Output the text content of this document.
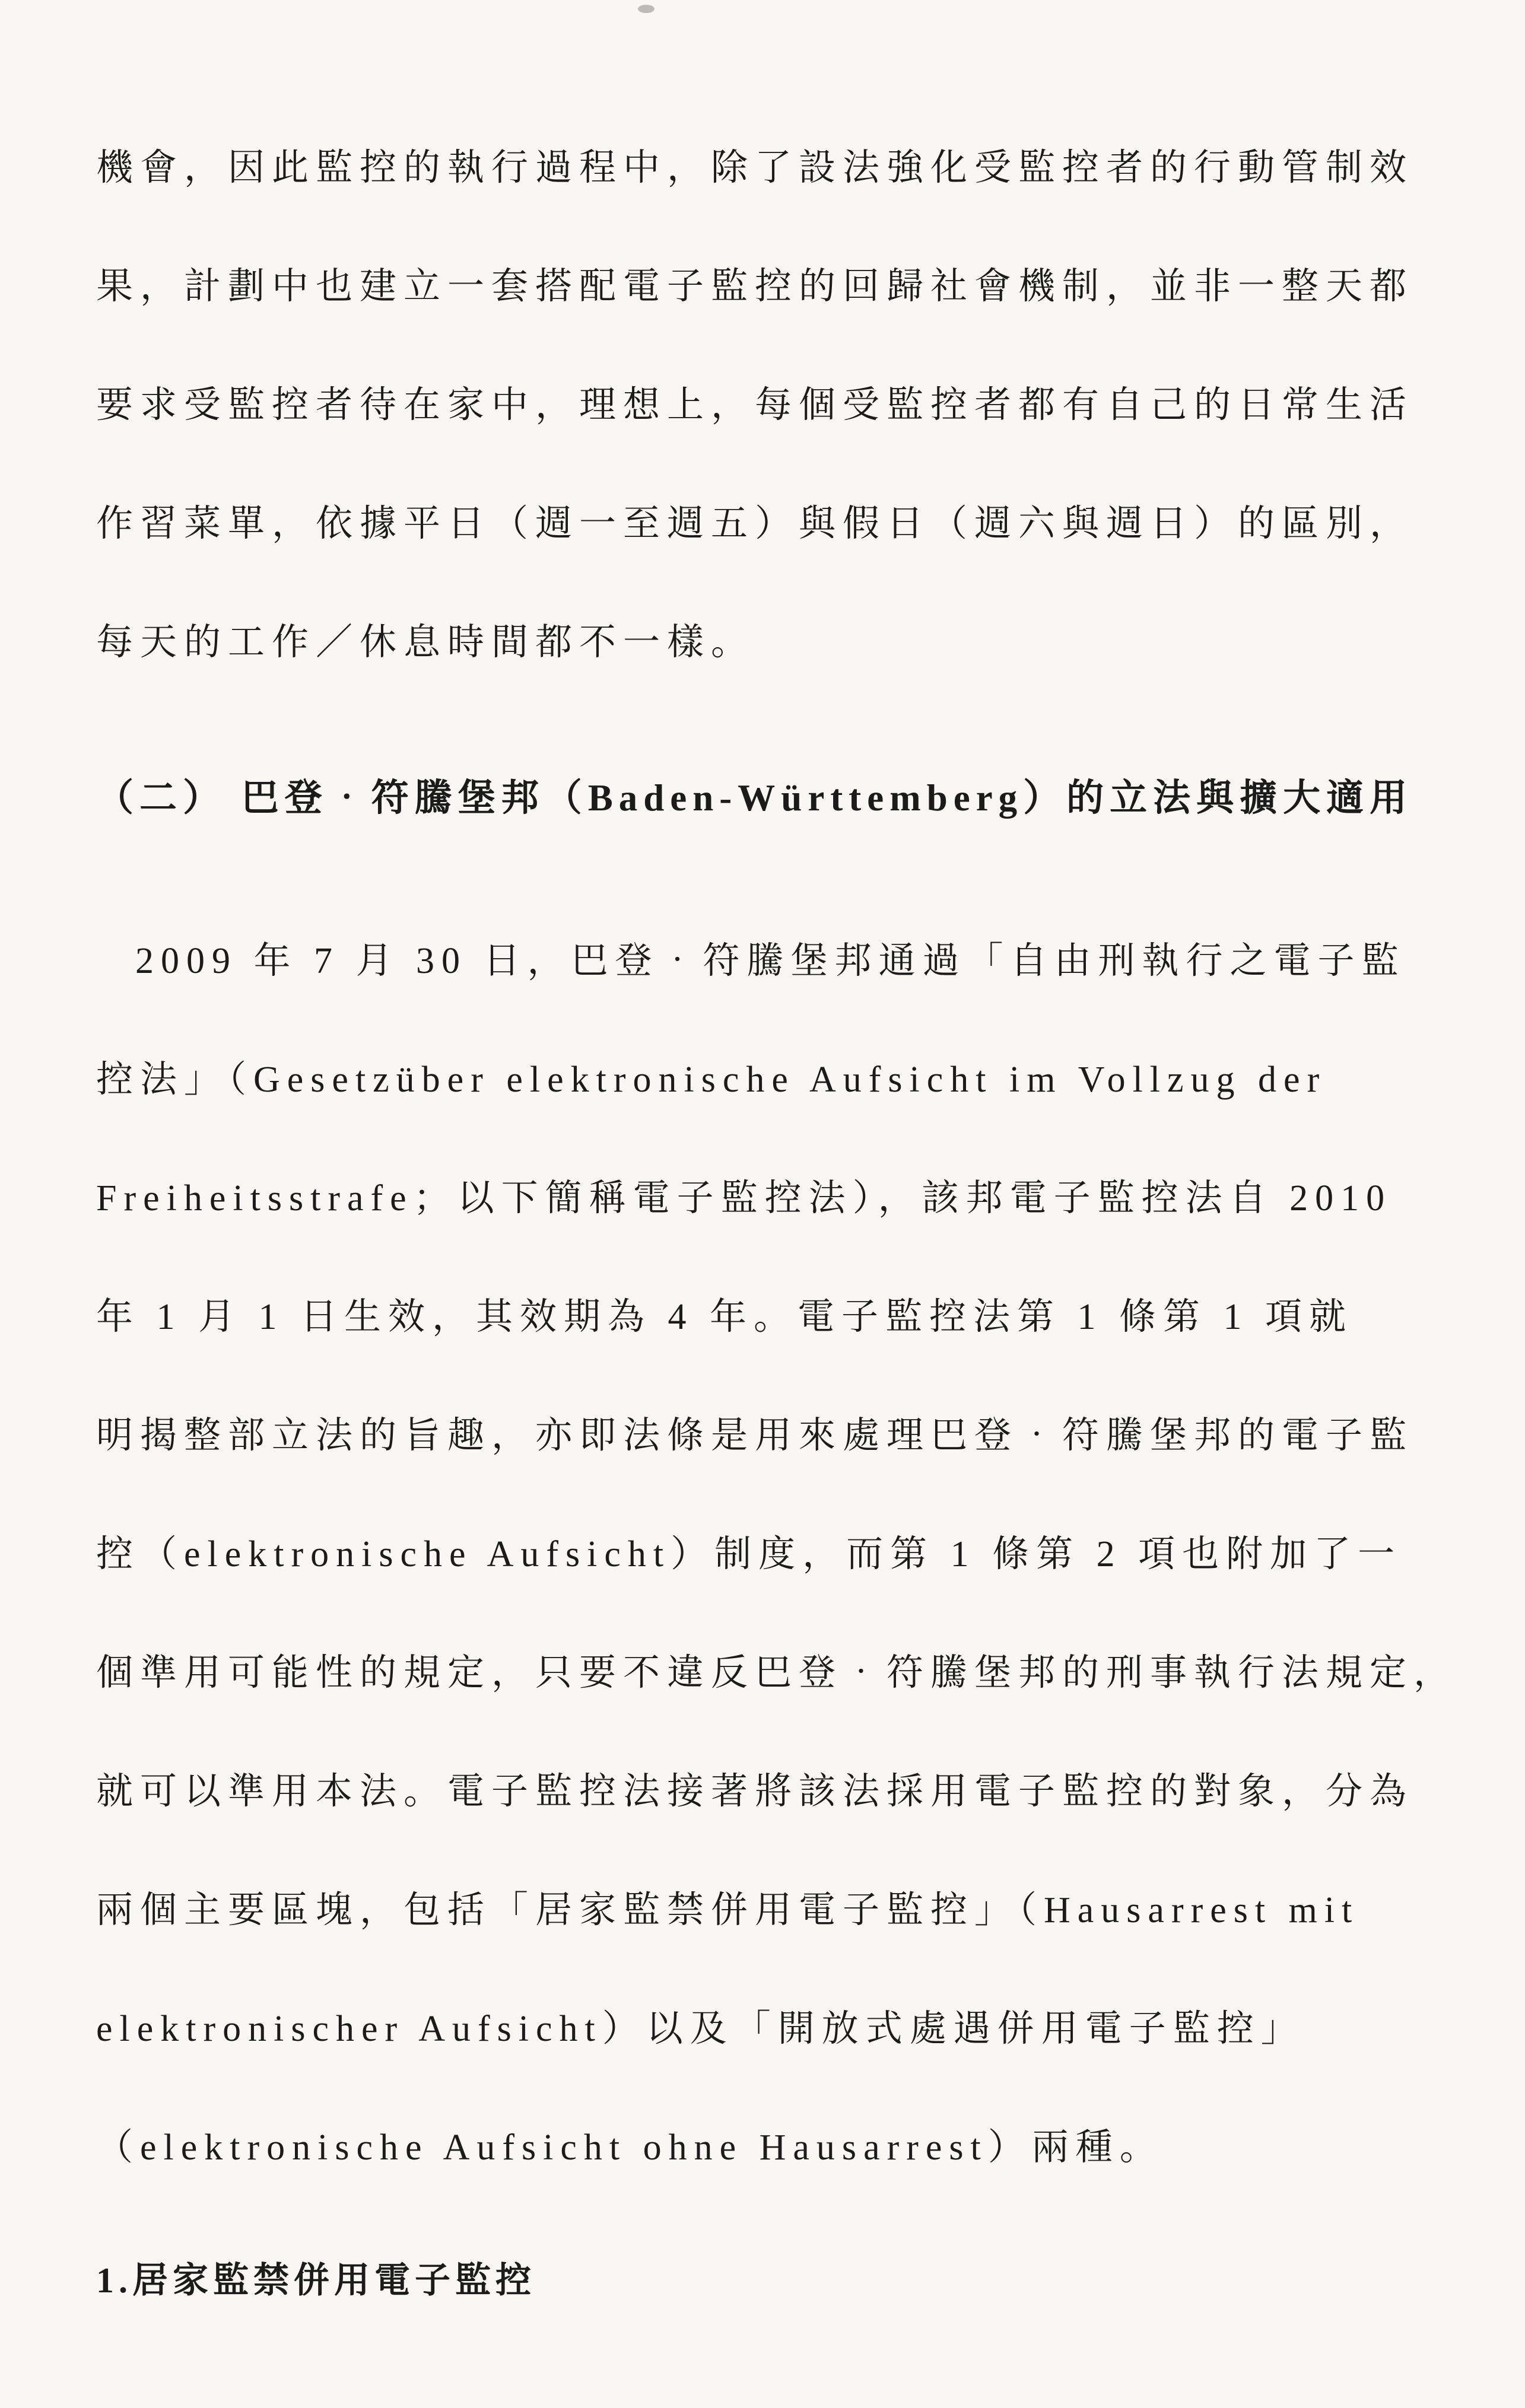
機會，因此監控的執行過程中，除了設法強化受監控者的行動管制效
果，計劃中也建立一套搭配電子監控的回歸社會機制，並非一整天都
要求受監控者待在家中，理想上，每個受監控者都有自己的日常生活
作習菜單，依據平日（週一至週五）與假日（週六與週日）的區別，
每天的工作／休息時間都不一樣。
（二） 巴登‧符騰堡邦（Baden-Württemberg）的立法與擴大適用
2009 年 7 月 30 日，巴登‧符騰堡邦通過「自由刑執行之電子監
控法」（Gesetzüber elektronische Aufsicht im Vollzug der
Freiheitsstrafe；以下簡稱電子監控法），該邦電子監控法自 2010
年 1 月 1 日生效，其效期為 4 年。電子監控法第 1 條第 1 項就
明揭整部立法的旨趣，亦即法條是用來處理巴登‧符騰堡邦的電子監
控（elektronische Aufsicht）制度，而第 1 條第 2 項也附加了一
個準用可能性的規定，只要不違反巴登‧符騰堡邦的刑事執行法規定，
就可以準用本法。電子監控法接著將該法採用電子監控的對象，分為
兩個主要區塊，包括「居家監禁併用電子監控」（Hausarrest mit
elektronischer Aufsicht）以及「開放式處遇併用電子監控」
（elektronische Aufsicht ohne Hausarrest）兩種。
1.居家監禁併用電子監控
